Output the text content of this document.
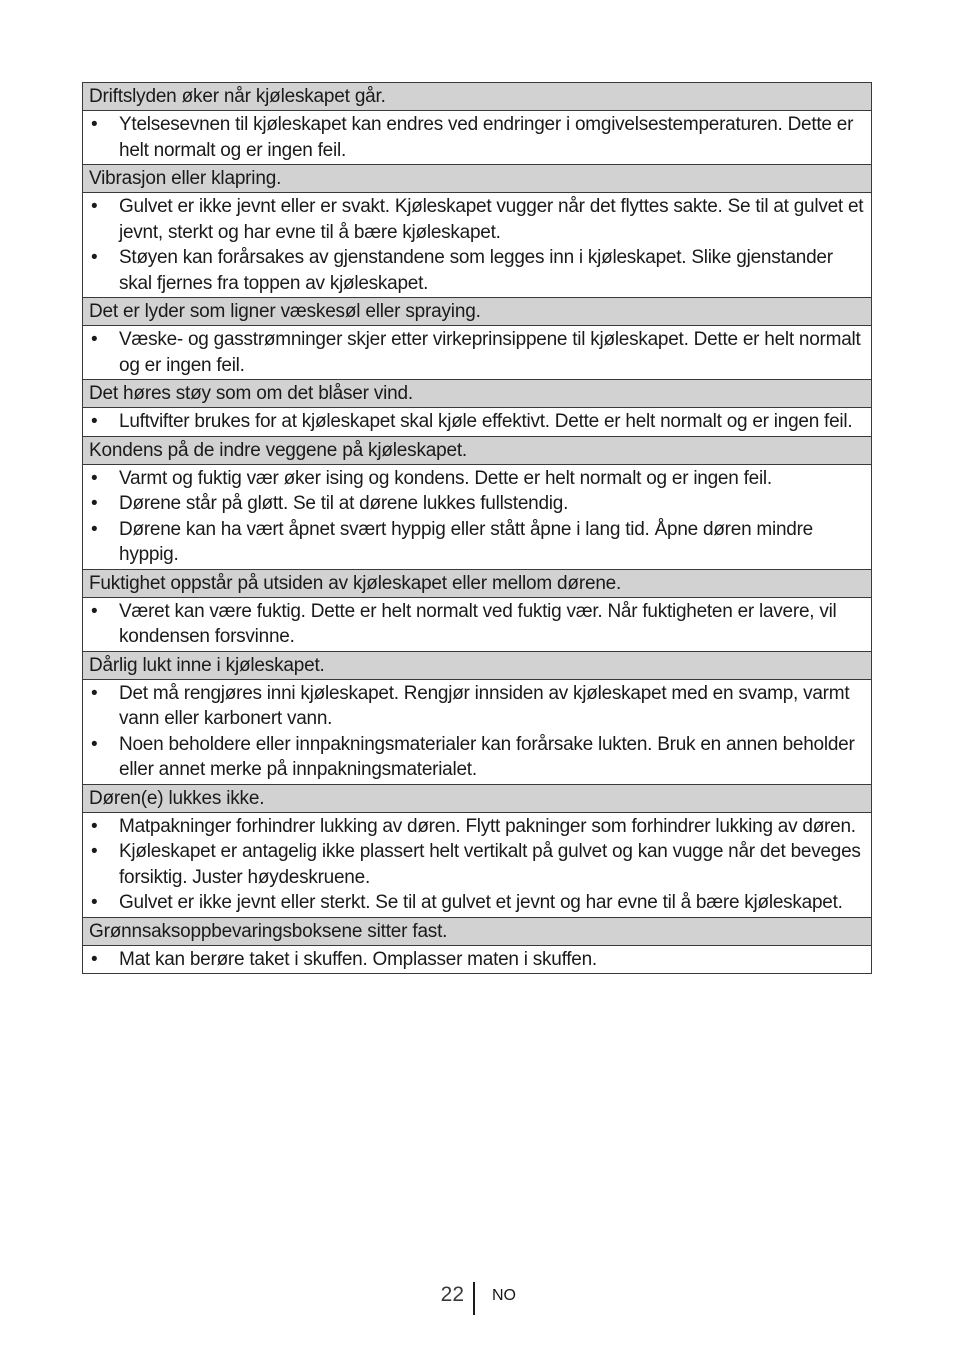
Driftslyden øker når kjøleskapet går.
• Ytelsesevnen til kjøleskapet kan endres ved endringer i omgivelsestemperaturen. Dette er helt normalt og er ingen feil.
Vibrasjon eller klapring.
• Gulvet er ikke jevnt eller er svakt. Kjøleskapet vugger når det flyttes sakte. Se til at gulvet et jevnt, sterkt og har evne til å bære kjøleskapet.
• Støyen kan forårsakes av gjenstandene som legges inn i kjøleskapet. Slike gjenstander skal fjernes fra toppen av kjøleskapet.
Det er lyder som ligner væskesøl eller spraying.
• Væske- og gasstrømninger skjer etter virkeprinsippene til kjøleskapet. Dette er helt normalt og er ingen feil.
Det høres støy som om det blåser vind.
• Luftvifter brukes for at kjøleskapet skal kjøle effektivt. Dette er helt normalt og er ingen feil.
Kondens på de indre veggene på kjøleskapet.
• Varmt og fuktig vær øker ising og kondens. Dette er helt normalt og er ingen feil.
• Dørene står på gløtt. Se til at dørene lukkes fullstendig.
• Dørene kan ha vært åpnet svært hyppig eller stått åpne i lang tid. Åpne døren mindre hyppig.
Fuktighet oppstår på utsiden av kjøleskapet eller mellom dørene.
• Været kan være fuktig. Dette er helt normalt ved fuktig vær. Når fuktigheten er lavere, vil kondensen forsvinne.
Dårlig lukt inne i kjøleskapet.
• Det må rengjøres inni kjøleskapet. Rengjør innsiden av kjøleskapet med en svamp, varmt vann eller karbonert vann.
• Noen beholdere eller innpakningsmaterialer kan forårsake lukten. Bruk en annen beholder eller annet merke på innpakningsmaterialet.
Døren(e) lukkes ikke.
• Matpakninger forhindrer lukking av døren. Flytt pakninger som forhindrer lukking av døren.
• Kjøleskapet er antagelig ikke plassert helt vertikalt på gulvet og kan vugge når det beveges forsiktig. Juster høydeskruene.
• Gulvet er ikke jevnt eller sterkt. Se til at gulvet et jevnt og har evne til å bære kjøleskapet.
Grønnsaksoppbevaringsboksene sitter fast.
• Mat kan berøre taket i skuffen. Omplasser maten i skuffen.
22 NO
